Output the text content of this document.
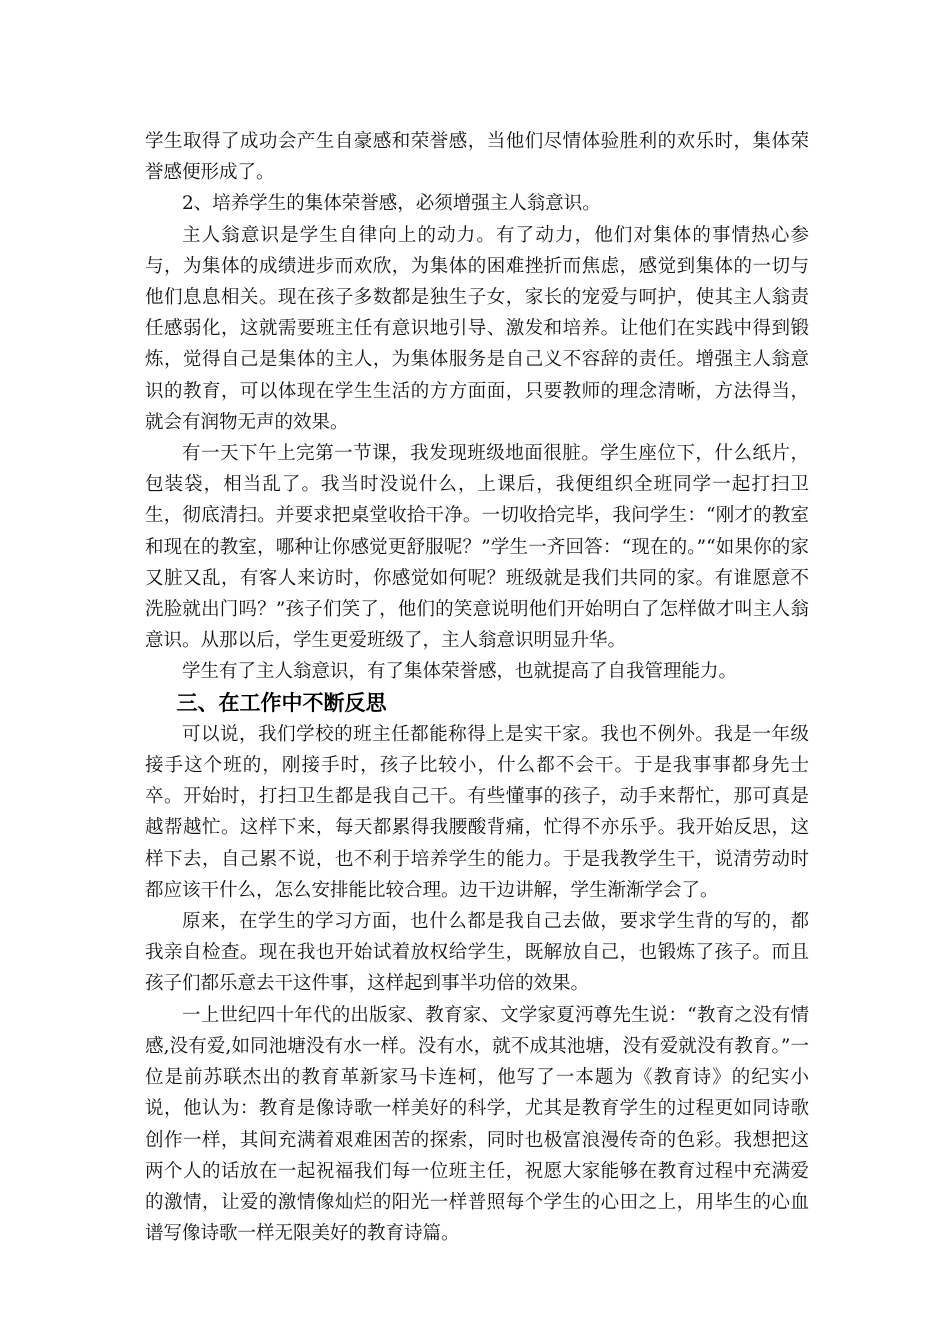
学生取得了成功会产生自豪感和荣誉感，当他们尽情体验胜利的欢乐时，集体荣誉感便形成了。

2、培养学生的集体荣誉感，必须增强主人翁意识。

主人翁意识是学生自律向上的动力。有了动力，他们对集体的事情热心参与，为集体的成绩进步而欢欣，为集体的困难挫折而焦虑，感觉到集体的一切与他们息息相关。现在孩子多数都是独生子女，家长的宠爱与呵护，使其主人翁责任感弱化，这就需要班主任有意识地引导、激发和培养。让他们在实践中得到锻炼，觉得自己是集体的主人，为集体服务是自己义不容辞的责任。增强主人翁意识的教育，可以体现在学生生活的方方面面，只要教师的理念清晰，方法得当，就会有润物无声的效果。

有一天下午上完第一节课，我发现班级地面很脏。学生座位下，什么纸片，包装袋，相当乱了。我当时没说什么，上课后，我便组织全班同学一起打扫卫生，彻底清扫。并要求把桌堂收拾干净。一切收拾完毕，我问学生：“刚才的教室和现在的教室，哪种让你感觉更舒服呢？”学生一齐回答：“现在的。”“如果你的家又脏又乱，有客人来访时，你感觉如何呢？班级就是我们共同的家。有谁愿意不洗脸就出门吗？”孩子们笑了，他们的笑意说明他们开始明白了怎样做才叫主人翁意识。从那以后，学生更爱班级了，主人翁意识明显升华。

学生有了主人翁意识，有了集体荣誉感，也就提高了自我管理能力。

三、在工作中不断反思

可以说，我们学校的班主任都能称得上是实干家。我也不例外。我是一年级接手这个班的，刚接手时，孩子比较小，什么都不会干。于是我事事都身先士卒。开始时，打扫卫生都是我自己干。有些懂事的孩子，动手来帮忙，那可真是越帮越忙。这样下来，每天都累得我腰酸背痛，忙得不亦乐乎。我开始反思，这样下去，自己累不说，也不利于培养学生的能力。于是我教学生干，说清劳动时都应该干什么，怎么安排能比较合理。边干边讲解，学生渐渐学会了。

原来，在学生的学习方面，也什么都是我自己去做，要求学生背的写的，都我亲自检查。现在我也开始试着放权给学生，既解放自己，也锻炼了孩子。而且孩子们都乐意去干这件事，这样起到事半功倍的效果。

一上世纪四十年代的出版家、教育家、文学家夏沔尊先生说：“教育之没有情感,没有爱,如同池塘没有水一样。没有水，就不成其池塘，没有爱就没有教育。”一位是前苏联杰出的教育革新家马卡连柯，他写了一本题为《教育诗》的纪实小说，他认为：教育是像诗歌一样美好的科学，尤其是教育学生的过程更如同诗歌创作一样，其间充满着艰难困苦的探索，同时也极富浪漫传奇的色彩。我想把这两个人的话放在一起祝福我们每一位班主任，祝愿大家能够在教育过程中充满爱的激情，让爱的激情像灿烂的阳光一样普照每个学生的心田之上，用毕生的心血谱写像诗歌一样无限美好的教育诗篇。
